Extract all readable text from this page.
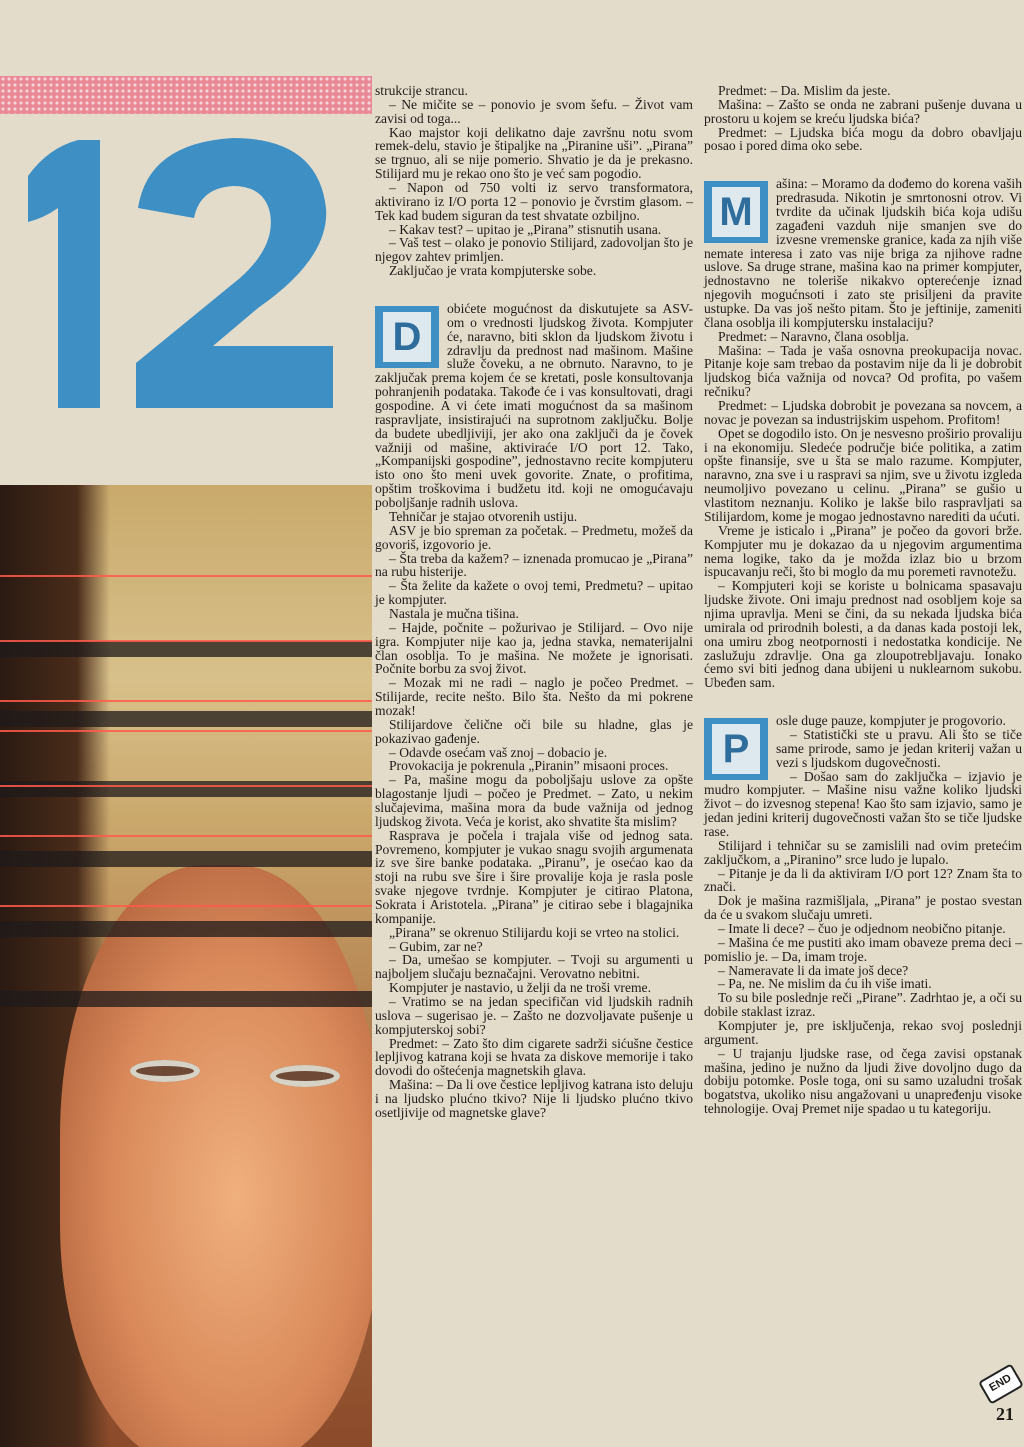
strukcije strancu.

– Ne mičite se – ponovio je svom šefu. – Život vam zavisi od toga...

Kao majstor koji delikatno daje završnu notu svom remek-delu, stavio je štipaljke na „Piranine uši”. „Pirana” se trgnuo, ali se nije pomerio. Shvatio je da je prekasno. Stilijard mu je rekao ono što je već sam pogodio.

– Napon od 750 volti iz servo transformatora, aktivirano iz I/O porta 12 – ponovio je čvrstim glasom. – Tek kad budem siguran da test shvatate ozbiljno.

– Kakav test? – upitao je „Pirana” stisnutih usana.

– Vaš test – olako je ponovio Stilijard, zadovoljan što je njegov zahtev primljen.

Zaključao je vrata kompjuterske sobe.

D

obićete mogućnost da diskutujete sa ASV-om o vrednosti ljudskog života. Kompjuter će, naravno, biti sklon da ljudskom životu i zdravlju da prednost nad mašinom. Mašine služe čoveku, a ne obrnuto. Naravno, to je zaključak prema kojem će se kretati, posle konsultovanja pohranjenih podataka. Takođe će i vas konsultovati, dragi gospodine. A vi ćete imati mogućnost da sa mašinom raspravljate, insistirajući na suprotnom zaključku. Bolje da budete ubedljiviji, jer ako ona zaključi da je čovek važniji od mašine, aktiviraće I/O port 12. Tako, „Kompanijski gospodine”, jednostavno recite kompjuteru isto ono što meni uvek govorite. Znate, o profitima, opštim troškovima i budžetu itd. koji ne omogućavaju poboljšanje radnih uslova.

Tehničar je stajao otvorenih ustiju.

ASV je bio spreman za početak. – Predmetu, možeš da govoriš, izgovorio je.

– Šta treba da kažem? – iznenada promucao je „Pirana” na rubu histerije.

– Šta želite da kažete o ovoj temi, Predmetu? – upitao je kompjuter.

Nastala je mučna tišina.

– Hajde, počnite – požurivao je Stilijard. – Ovo nije igra. Kompjuter nije kao ja, jedna stavka, nematerijalni član osoblja. To je mašina. Ne možete je ignorisati. Počnite borbu za svoj život.

– Mozak mi ne radi – naglo je počeo Predmet. – Stilijarde, recite nešto. Bilo šta. Nešto da mi pokrene mozak!

Stilijardove čelične oči bile su hladne, glas je pokazivao gađenje.

– Odavde osećam vaš znoj – dobacio je.

Provokacija je pokrenula „Piranin” misaoni proces.

– Pa, mašine mogu da poboljšaju uslove za opšte blagostanje ljudi – počeo je Predmet. – Zato, u nekim slučajevima, mašina mora da bude važnija od jednog ljudskog života. Veća je korist, ako shvatite šta mislim?

Rasprava je počela i trajala više od jednog sata. Povremeno, kompjuter je vukao snagu svojih argumenata iz sve šire banke podataka. „Piranu”, je osećao kao da stoji na rubu sve šire i šire provalije koja je rasla posle svake njegove tvrdnje. Kompjuter je citirao Platona, Sokrata i Aristotela. „Pirana” je citirao sebe i blagajnika kompanije.

„Pirana” se okrenuo Stilijardu koji se vrteo na stolici.

– Gubim, zar ne?

– Da, umešao se kompjuter. – Tvoji su argumenti u najboljem slučaju beznačajni. Verovatno nebitni.

Kompjuter je nastavio, u želji da ne troši vreme.

– Vratimo se na jedan specifičan vid ljudskih radnih uslova – sugerisao je. – Zašto ne dozvoljavate pušenje u kompjuterskoj sobi?

Predmet: – Zato što dim cigarete sadrži sićušne čestice lepljivog katrana koji se hvata za diskove memorije i tako dovodi do oštećenja magnetskih glava.

Mašina: – Da li ove čestice lepljivog katrana isto deluju i na ljudsko plućno tkivo? Nije li ljudsko plućno tkivo osetljivije od magnetske glave?

Predmet: – Da. Mislim da jeste.

Mašina: – Zašto se onda ne zabrani pušenje duvana u prostoru u kojem se kreću ljudska bića?

Predmet: – Ljudska bića mogu da dobro obavljaju posao i pored dima oko sebe.

M

ašina: – Moramo da dođemo do korena vaših predrasuda. Nikotin je smrtonosni otrov. Vi tvrdite da učinak ljudskih bića koja udišu zagađeni vazduh nije smanjen sve do izvesne vremenske granice, kada za njih više nemate interesa i zato vas nije briga za njihove radne uslove. Sa druge strane, mašina kao na primer kompjuter, jednostavno ne toleriše nikakvo opterećenje iznad njegovih mogućnsoti i zato ste prisiljeni da pravite ustupke. Da vas još nešto pitam. Što je jeftinije, zameniti člana osoblja ili kompjutersku instalaciju?

Predmet: – Naravno, člana osoblja.

Mašina: – Tada je vaša osnovna preokupacija novac. Pitanje koje sam trebao da postavim nije da li je dobrobit ljudskog bića važnija od novca? Od profita, po vašem rečniku?

Predmet: – Ljudska dobrobit je povezana sa novcem, a novac je povezan sa industrijskim uspehom. Profitom!

Opet se dogodilo isto. On je nesvesno proširio provaliju i na ekonomiju. Sledeće područje biće politika, a zatim opšte finansije, sve u šta se malo razume. Kompjuter, naravno, zna sve i u raspravi sa njim, sve u životu izgleda neumoljivo povezano u celinu. „Pirana” se gušio u vlastitom neznanju. Koliko je lakše bilo raspravljati sa Stilijardom, kome je mogao jednostavno narediti da ućuti.

Vreme je isticalo i „Pirana” je počeo da govori brže. Kompjuter mu je dokazao da u njegovim argumentima nema logike, tako da je možda izlaz bio u brzom ispucavanju reči, što bi moglo da mu poremeti ravnotežu.

– Kompjuteri koji se koriste u bolnicama spasavaju ljudske živote. Oni imaju prednost nad osobljem koje sa njima upravlja. Meni se čini, da su nekada ljudska bića umirala od prirodnih bolesti, a da danas kada postoji lek, ona umiru zbog neotpornosti i nedostatka kondicije. Ne zaslužuju zdravlje. Ona ga zloupotrebljavaju. Ionako ćemo svi biti jednog dana ubijeni u nuklearnom sukobu. Ubeđen sam.

P

osle duge pauze, kompjuter je progovorio.

– Statistički ste u pravu. Ali što se tiče same prirode, samo je jedan kriterij važan u vezi s ljudskom dugovečnosti.

– Došao sam do zaključka – izjavio je mudro kompjuter. – Mašine nisu važne koliko ljudski život – do izvesnog stepena! Kao što sam izjavio, samo je jedan jedini kriterij dugovečnosti važan što se tiče ljudske rase.

Stilijard i tehničar su se zamislili nad ovim pretećim zaključkom, a „Piranino” srce ludo je lupalo.

– Pitanje je da li da aktiviram I/O port 12? Znam šta to znači.

Dok je mašina razmišljala, „Pirana” je postao svestan da će u svakom slučaju umreti.

– Imate li dece? – čuo je odjednom neobično pitanje.

– Mašina će me pustiti ako imam obaveze prema deci – pomislio je. – Da, imam troje.

– Nameravate li da imate još dece?

– Pa, ne. Ne mislim da ću ih više imati.

To su bile poslednje reči „Pirane”. Zadrhtao je, a oči su dobile staklast izraz.

Kompjuter je, pre isključenja, rekao svoj poslednji argument.

– U trajanju ljudske rase, od čega zavisi opstanak mašina, jedino je nužno da ljudi žive dovoljno dugo da dobiju potomke. Posle toga, oni su samo uzaludni trošak bogatstva, ukoliko nisu angažovani u unapređenju visoke tehnologije. Ovaj Premet nije spadao u tu kategoriju.

END
21
